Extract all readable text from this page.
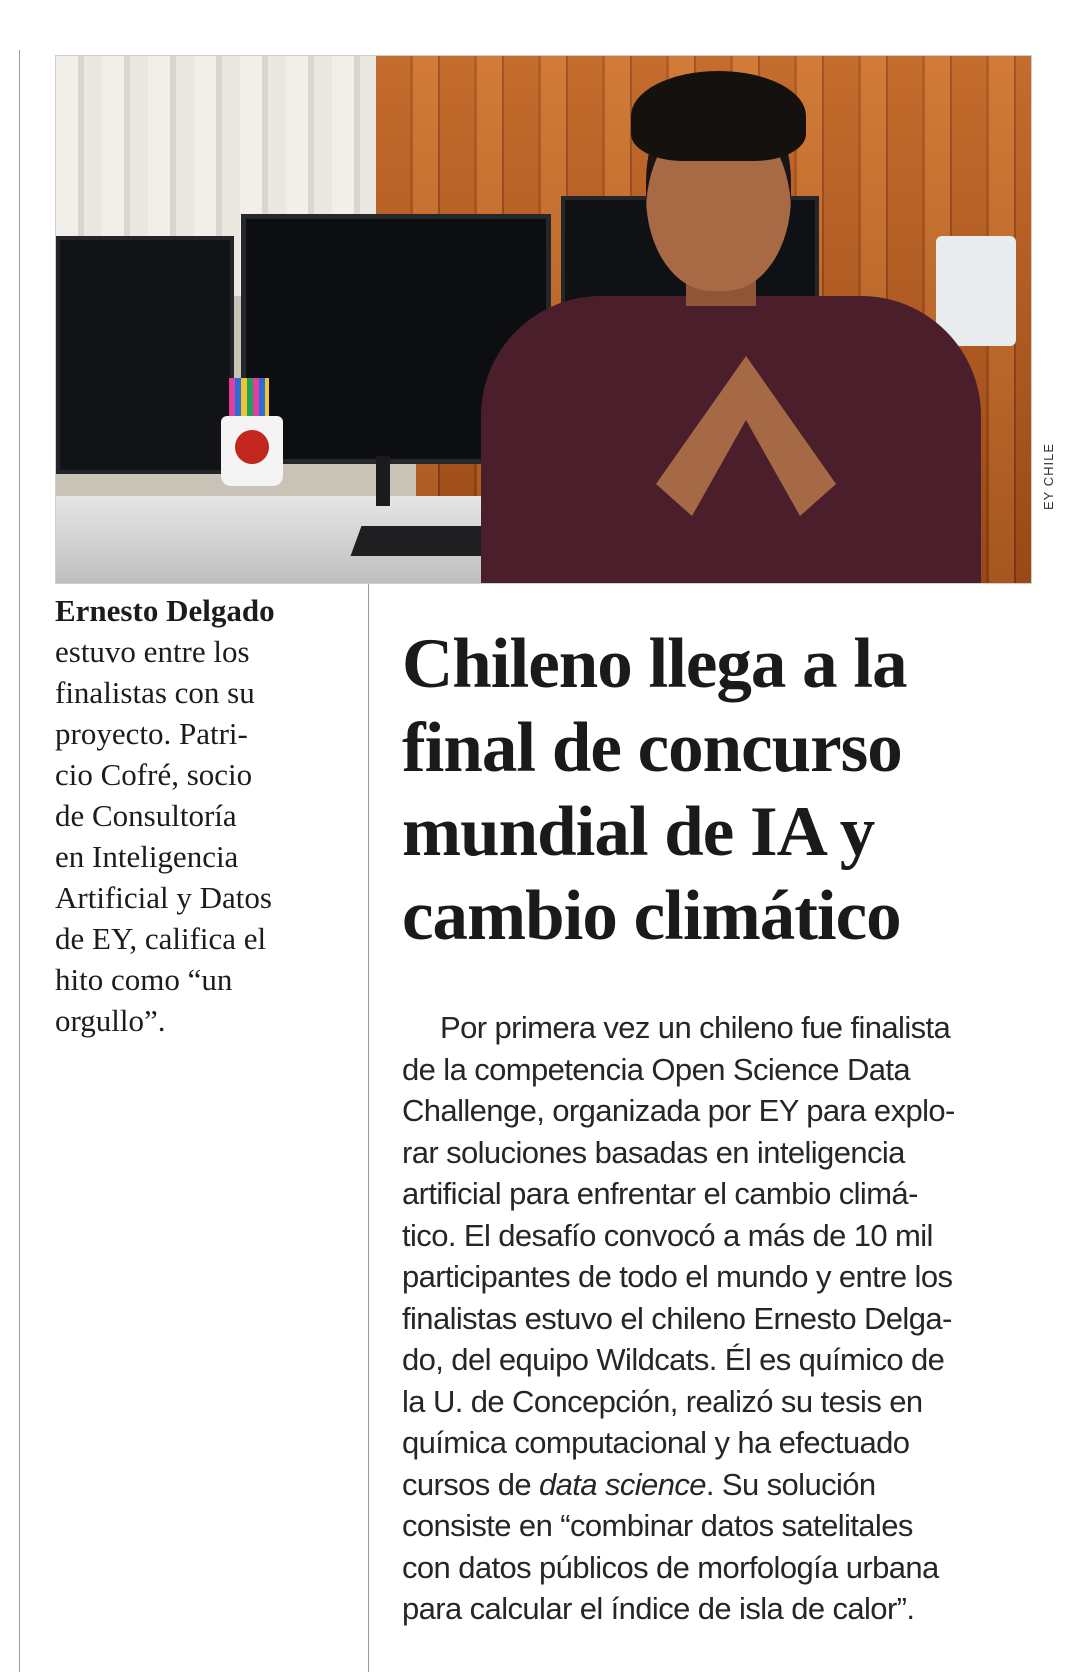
EY CHILE
Ernesto Delgado
estuvo entre los
finalistas con su
proyecto. Patri-
cio Cofré, socio
de Consultoría
en Inteligencia
Artificial y Datos
de EY, califica el
hito como “un
orgullo”.
Chileno llega a la
final de concurso
mundial de IA y
cambio climático
Por primera vez un chileno fue finalista
de la competencia Open Science Data
Challenge, organizada por EY para explo-
rar soluciones basadas en inteligencia
artificial para enfrentar el cambio climá-
tico. El desafío convocó a más de 10 mil
participantes de todo el mundo y entre los
finalistas estuvo el chileno Ernesto Delga-
do, del equipo Wildcats. Él es químico de
la U. de Concepción, realizó su tesis en
química computacional y ha efectuado
cursos de data science. Su solución
consiste en “combinar datos satelitales
con datos públicos de morfología urbana
para calcular el índice de isla de calor”.
